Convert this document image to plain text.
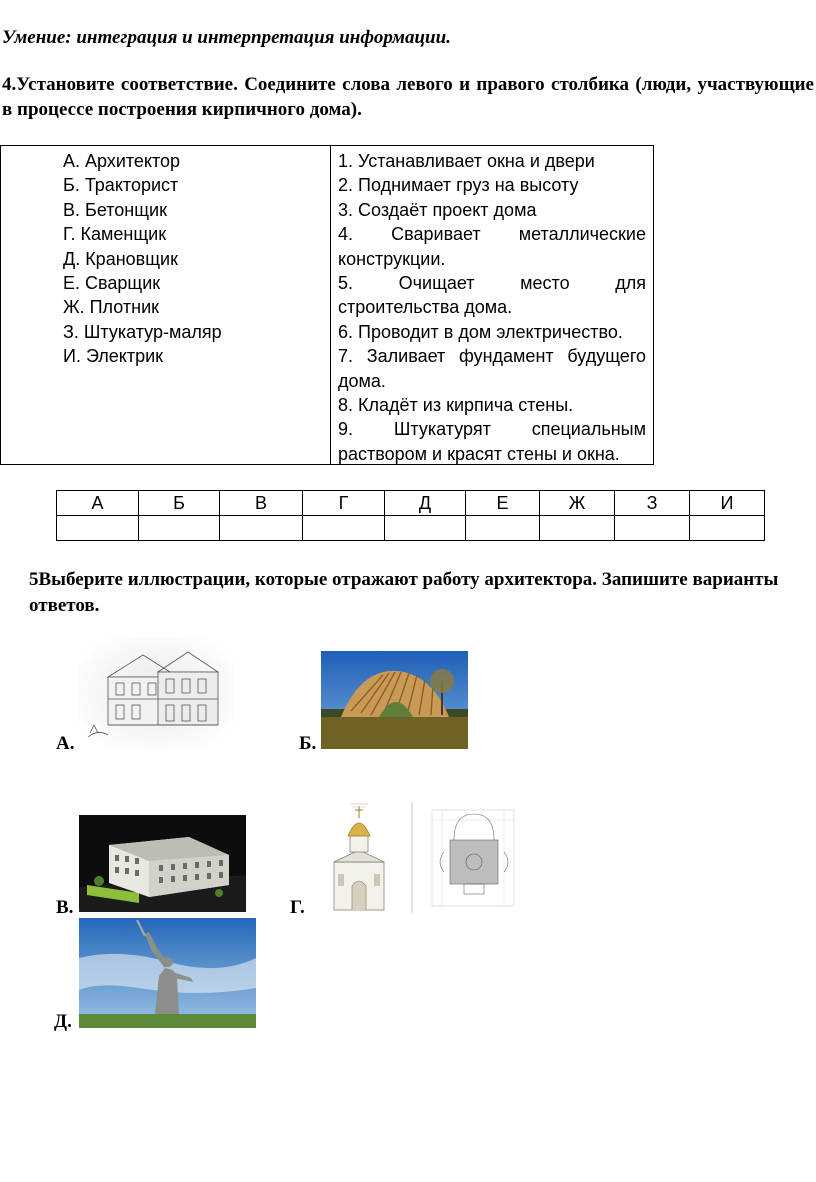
Умение: интеграция и интерпретация информации.
4.Установите соответствие. Соедините слова левого и правого столбика (люди, участвующие в процессе построения кирпичного дома).
А. Архитектор
Б. Тракторист
В. Бетонщик
Г. Каменщик
Д. Крановщик
Е. Сварщик
Ж. Плотник
З. Штукатур-маляр
И. Электрик
1. Устанавливает окна и двери
2. Поднимает груз на высоту
3. Создаёт проект дома
4. Сваривает металлические конструкции.
5. Очищает место для строительства дома.
6. Проводит в дом электричество.
7. Заливает фундамент будущего дома.
8. Кладёт из кирпича стены.
9. Штукатурят специальным раствором и красят стены и окна.
А	Б	В	Г	Д	Е	Ж	З	И

5Выберите иллюстрации, которые отражают работу архитектора. Запишите варианты ответов.
А.	Б.
В.	Г.
Д.
